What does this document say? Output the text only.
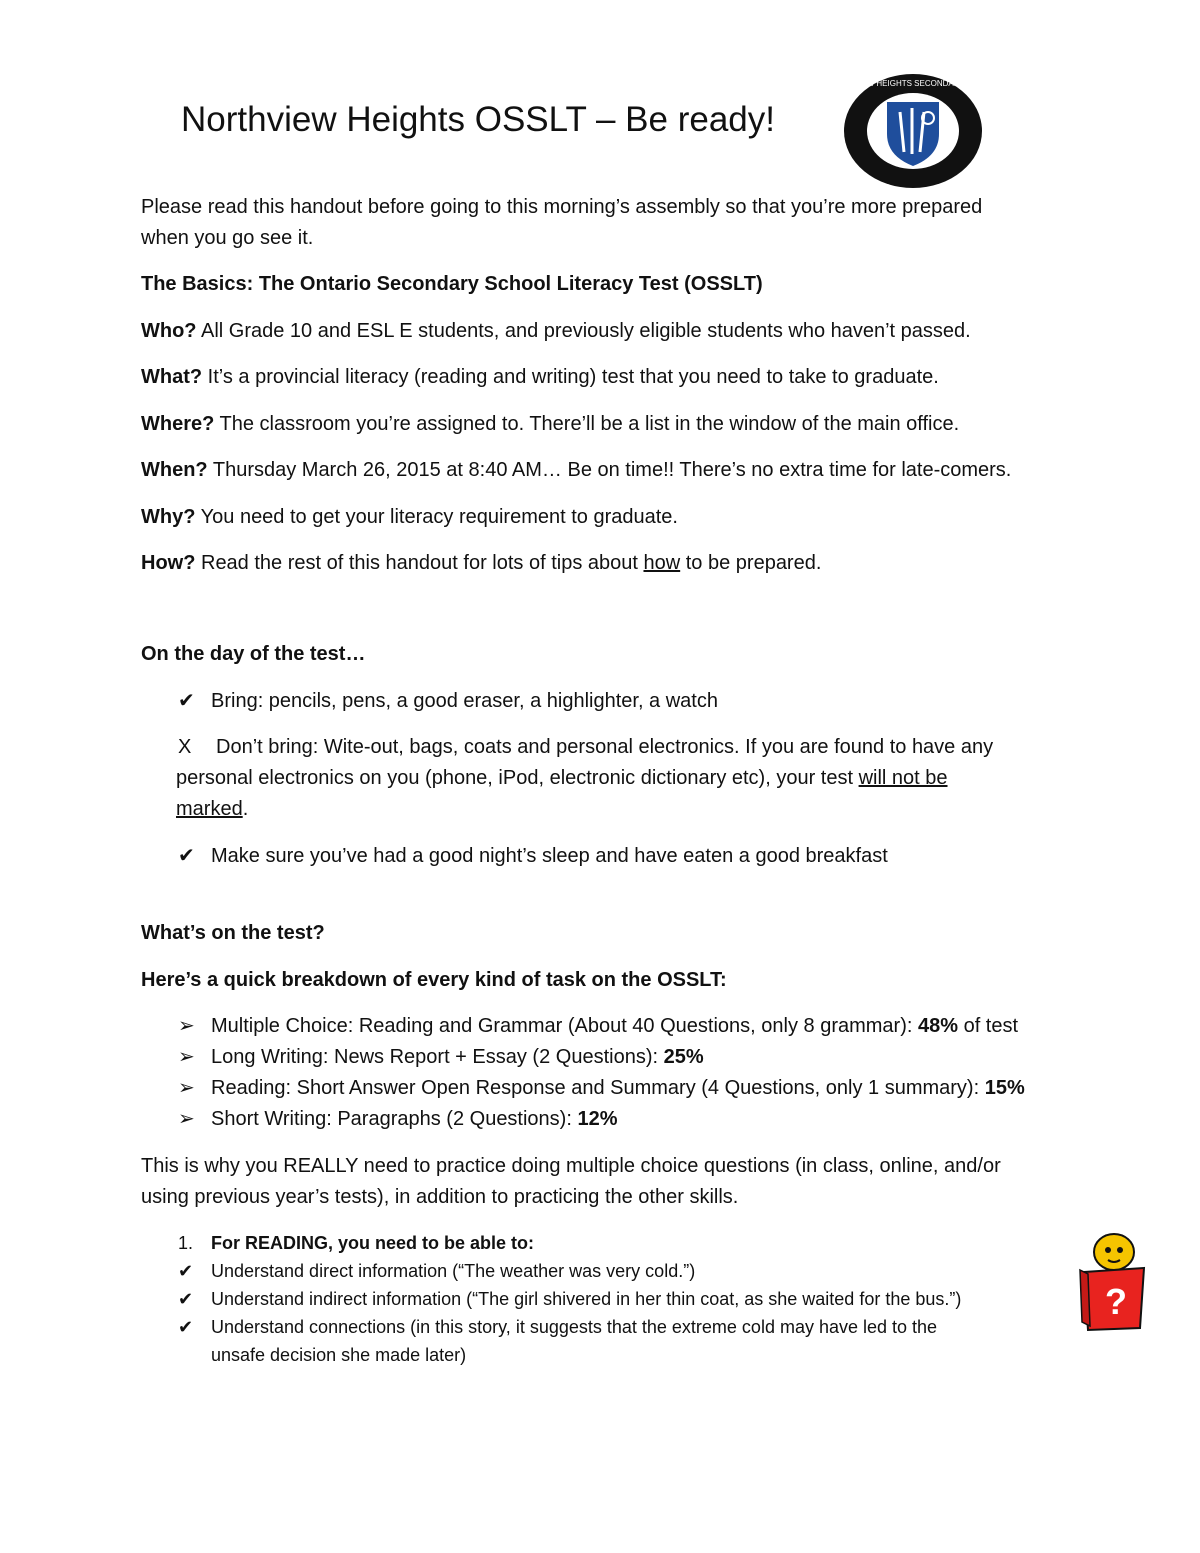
Northview Heights OSSLT – Be ready!
NORTHVIEW HEIGHTS SECONDARY SCHOOL

Please read this handout before going to this morning’s assembly so that you’re more prepared

when you go see it.

The Basics: The Ontario Secondary School Literacy Test (OSSLT)

Who? All Grade 10 and ESL E students, and previously eligible students who haven’t passed.

What? It’s a provincial literacy (reading and writing) test that you need to take to graduate.

Where? The classroom you’re assigned to. There’ll be a list in the window of the main office.

When? Thursday March 26, 2015 at 8:40 AM… Be on time!! There’s no extra time for late-comers.

Why? You need to get your literacy requirement to graduate.

How? Read the rest of this handout for lots of tips about how to be prepared.

On the day of the test…

✔ Bring: pencils, pens, a good eraser, a highlighter, a watch

X Don’t bring: Wite-out, bags, coats and personal electronics. If you are found to have any

personal electronics on you (phone, iPod, electronic dictionary etc), your test will not be

marked.

✔ Make sure you’ve had a good night’s sleep and have eaten a good breakfast

What’s on the test?

Here’s a quick breakdown of every kind of task on the OSSLT:

➢ Multiple Choice: Reading and Grammar (About 40 Questions, only 8 grammar): 48% of test

➢ Long Writing: News Report + Essay (2 Questions): 25%

➢ Reading: Short Answer Open Response and Summary (4 Questions, only 1 summary): 15%

➢ Short Writing: Paragraphs (2 Questions): 12%

This is why you REALLY need to practice doing multiple choice questions (in class, online, and/or

using previous year’s tests), in addition to practicing the other skills.

1. For READING, you need to be able to:

✔ Understand direct information (“The weather was very cold.”)

✔ Understand indirect information (“The girl shivered in her thin coat, as she waited for the bus.”)

✔ Understand connections (in this story, it suggests that the extreme cold may have led to the

unsafe decision she made later)

?
